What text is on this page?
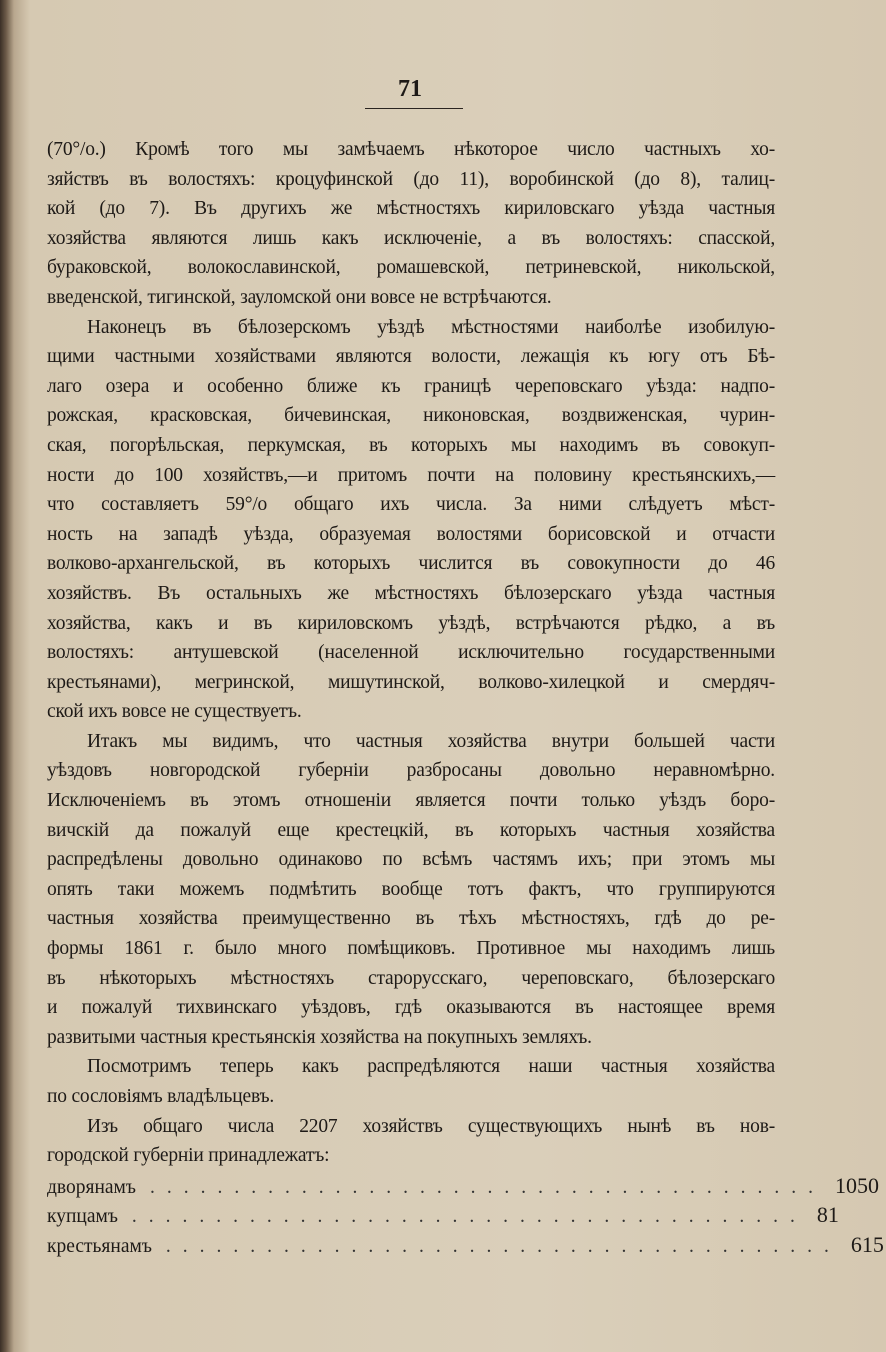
71
(70°/о.) Кромѣ того мы замѣчаемъ нѣкоторое число частныхъ хо-
зяйствъ въ волостяхъ: кроцуфинской (до 11), воробинской (до 8), талиц-
кой (до 7). Въ другихъ же мѣстностяхъ кириловскаго уѣзда частныя
хозяйства являются лишь какъ исключеніе, а въ волостяхъ: спасской,
бураковской, волокославинской, ромашевской, петриневской, никольской,
введенской, тигинской, зауломской они вовсе не встрѣчаются.
Наконецъ въ бѣлозерскомъ уѣздѣ мѣстностями наиболѣе изобилую-
щими частными хозяйствами являются волости, лежащія къ югу отъ Бѣ-
лаго озера и особенно ближе къ границѣ череповскаго уѣзда: надпо-
рожская, красковская, бичевинская, никоновская, воздвиженская, чурин-
ская, погорѣльская, перкумская, въ которыхъ мы находимъ въ совокуп-
ности до 100 хозяйствъ,—и притомъ почти на половину крестьянскихъ,—
что составляетъ 59°/о общаго ихъ числа. За ними слѣдуетъ мѣст-
ность на западѣ уѣзда, образуемая волостями борисовской и отчасти
волково-архангельской, въ которыхъ числится въ совокупности до 46
хозяйствъ. Въ остальныхъ же мѣстностяхъ бѣлозерскаго уѣзда частныя
хозяйства, какъ и въ кириловскомъ уѣздѣ, встрѣчаются рѣдко, а въ
волостяхъ: антушевской (населенной исключительно государственными
крестьянами), мегринской, мишутинской, волково-хилецкой и смердяч-
ской ихъ вовсе не существуетъ.
Итакъ мы видимъ, что частныя хозяйства внутри большей части
уѣздовъ новгородской губерніи разбросаны довольно неравномѣрно.
Исключеніемъ въ этомъ отношеніи является почти только уѣздъ боро-
вичскій да пожалуй еще крестецкій, въ которыхъ частныя хозяйства
распредѣлены довольно одинаково по всѣмъ частямъ ихъ; при этомъ мы
опять таки можемъ подмѣтить вообще тотъ фактъ, что группируются
частныя хозяйства преимущественно въ тѣхъ мѣстностяхъ, гдѣ до ре-
формы 1861 г. было много помѣщиковъ. Противное мы находимъ лишь
въ нѣкоторыхъ мѣстностяхъ старорусскаго, череповскаго, бѣлозерскаго
и пожалуй тихвинскаго уѣздовъ, гдѣ оказываются въ настоящее время
развитыми частныя крестьянскія хозяйства на покупныхъ земляхъ.
Посмотримъ теперь какъ распредѣляются наши частныя хозяйства
по сословіямъ владѣльцевъ.
Изъ общаго числа 2207 хозяйствъ существующихъ нынѣ въ нов-
городской губерніи принадлежатъ:
дворянамъ ........................................ 1050
купцамъ ........................................ 81
крестьянамъ ........................................ 615
